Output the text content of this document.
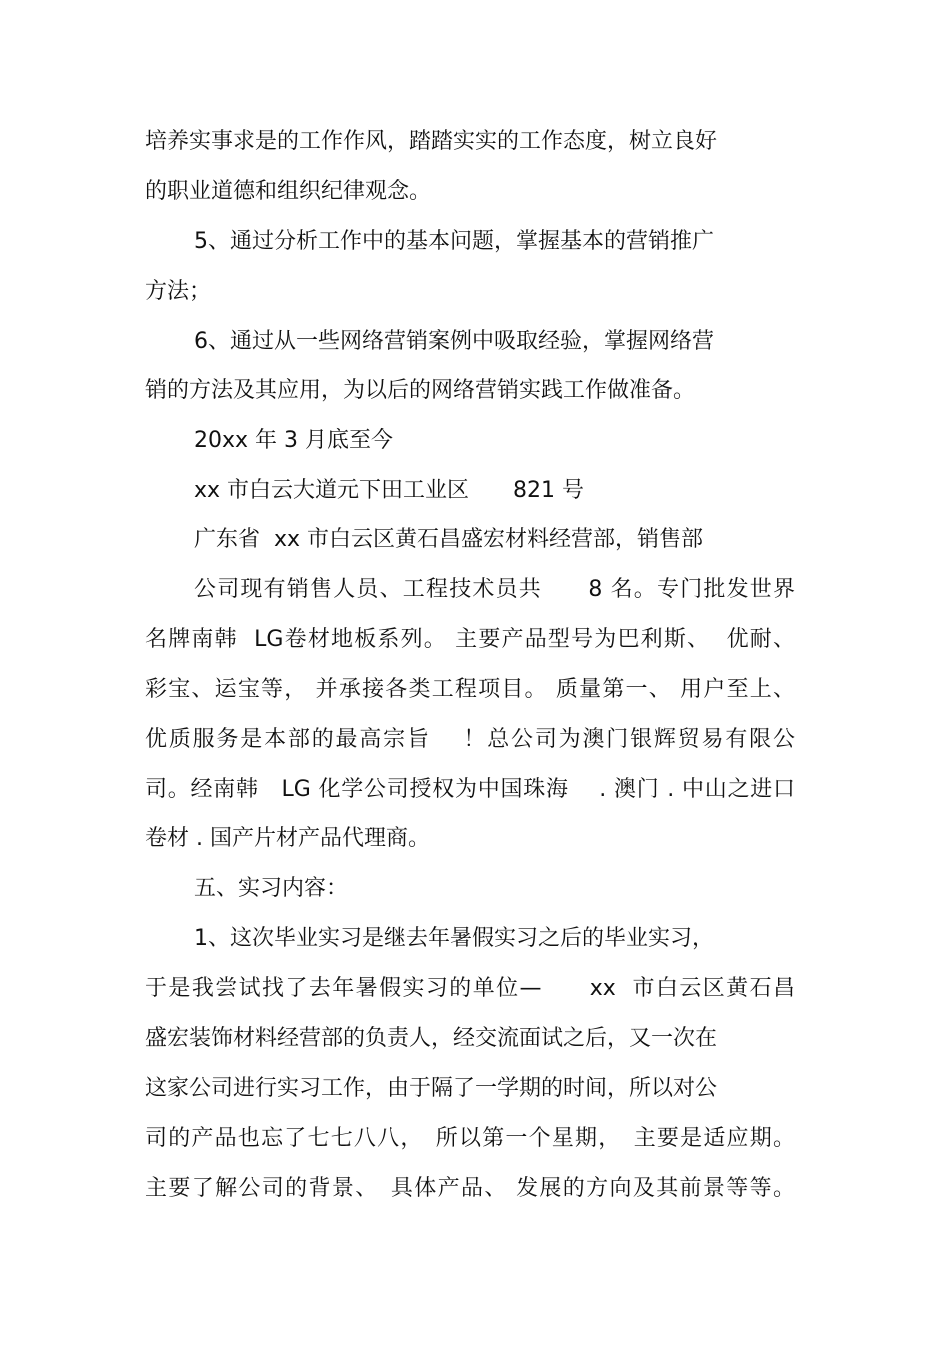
培养实事求是的工作作风，踏踏实实的工作态度，树立良好
的职业道德和组织纪律观念。
5、通过分析工作中的基本问题，掌握基本的营销推广
方法；
6、通过从一些网络营销案例中吸取经验，掌握网络营
销的方法及其应用，为以后的网络营销实践工作做准备。
20xx 年 3 月底至今
xx 市白云大道元下田工业区　　821 号
广东省  xx 市白云区黄石昌盛宏材料经营部，销售部
公司现有销售人员、工程技术员共　　8 名。专门批发世界
名牌南韩  LG卷材地板系列。 主要产品型号为巴利斯、  优耐、
彩宝、运宝等， 并承接各类工程项目。 质量第一、 用户至上、
优质服务是本部的最高宗旨　 ！总公司为澳门银辉贸易有限公
司。经南韩　LG 化学公司授权为中国珠海　 . 澳门 . 中山之进口
卷材 . 国产片材产品代理商。
五、实习内容：
1、这次毕业实习是继去年暑假实习之后的毕业实习，
于是我尝试找了去年暑假实习的单位—　　xx  市白云区黄石昌
盛宏装饰材料经营部的负责人，经交流面试之后，又一次在
这家公司进行实习工作，由于隔了一学期的时间，所以对公
司的产品也忘了七七八八，　所以第一个星期，　主要是适应期。
主要了解公司的背景、　具体产品、 发展的方向及其前景等等。
